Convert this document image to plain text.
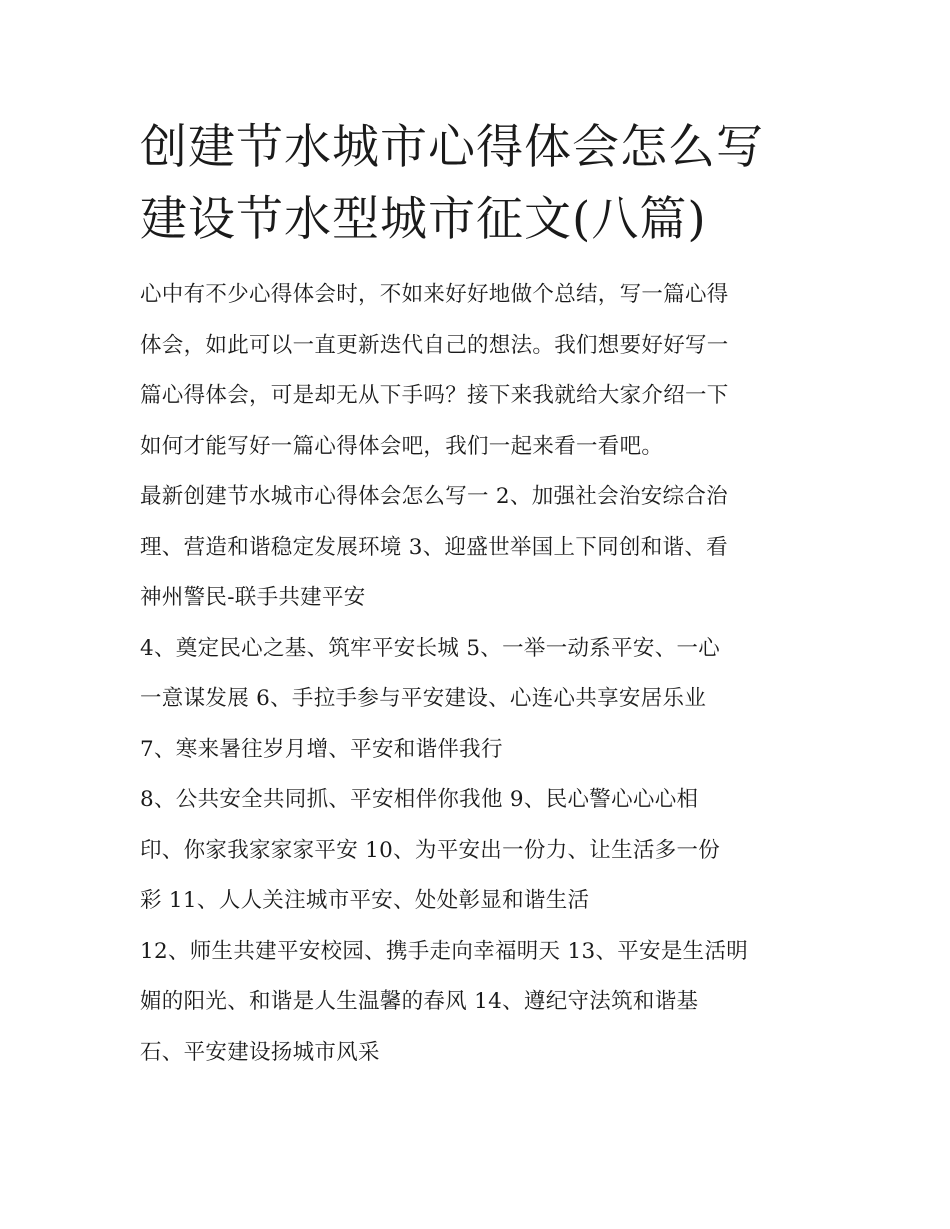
创建节水城市心得体会怎么写
建设节水型城市征文(八篇)

心中有不少心得体会时，不如来好好地做个总结，写一篇心得
体会，如此可以一直更新迭代自己的想法。我们想要好好写一
篇心得体会，可是却无从下手吗？接下来我就给大家介绍一下
如何才能写好一篇心得体会吧，我们一起来看一看吧。

最新创建节水城市心得体会怎么写一 2、加强社会治安综合治
理、营造和谐稳定发展环境 3、迎盛世举国上下同创和谐、看
神州警民-联手共建平安

4、奠定民心之基、筑牢平安长城 5、一举一动系平安、一心
一意谋发展 6、手拉手参与平安建设、心连心共享安居乐业

7、寒来暑往岁月增、平安和谐伴我行

8、公共安全共同抓、平安相伴你我他 9、民心警心心心相
印、你家我家家家平安 10、为平安出一份力、让生活多一份
彩 11、人人关注城市平安、处处彰显和谐生活

12、师生共建平安校园、携手走向幸福明天 13、平安是生活明
媚的阳光、和谐是人生温馨的春风 14、遵纪守法筑和谐基
石、平安建设扬城市风采
